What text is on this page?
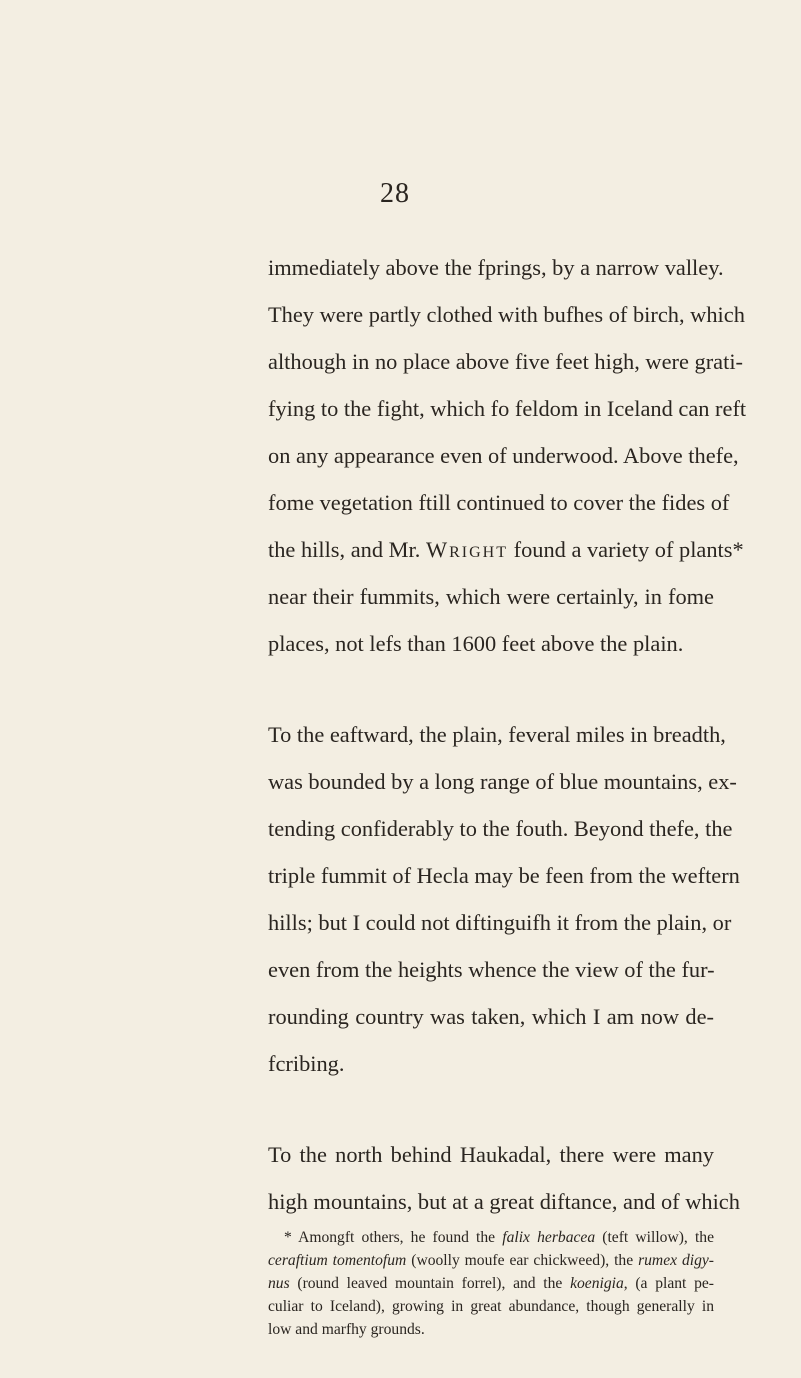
28
immediately above the fprings, by a narrow valley.
They were partly clothed with bufhes of birch, which
although in no place above five feet high, were grati-
fying to the fight, which fo feldom in Iceland can reft
on any appearance even of underwood. Above thefe,
fome vegetation ftill continued to cover the fides of
the hills, and Mr. Wright found a variety of plants*
near their fummits, which were certainly, in fome
places, not lefs than 1600 feet above the plain.
To the eaftward, the plain, feveral miles in breadth,
was bounded by a long range of blue mountains, ex-
tending confiderably to the fouth. Beyond thefe, the
triple fummit of Hecla may be feen from the weftern
hills; but I could not diftinguifh it from the plain, or
even from the heights whence the view of the fur-
rounding country was taken, which I am now de-
fcribing.
To the north behind Haukadal, there were many
high mountains, but at a great diftance, and of which
* Amongft others, he found the falix herbacea (teft willow), the
ceraftium tomentofum (woolly moufe ear chickweed), the rumex digy-
nus (round leaved mountain forrel), and the koenigia, (a plant pe-
culiar to Iceland), growing in great abundance, though generally in
low and marfhy grounds.
